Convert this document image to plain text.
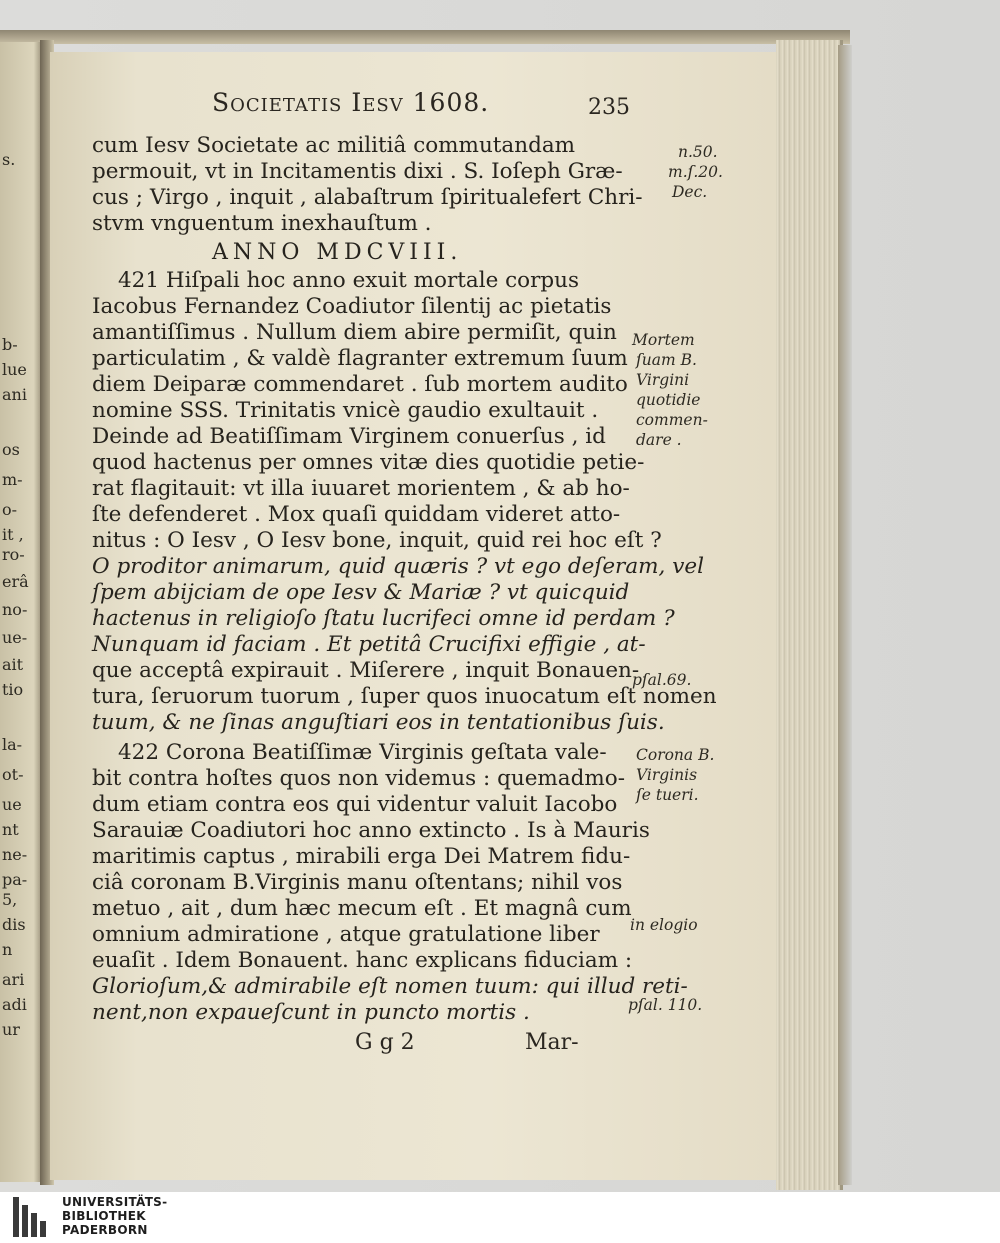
Societatis Iesv 1608.	235
cum Iesv Societate ac militiâ commutandam
permouit, vt in Incitamentis dixi . S. Ioſeph Græ-
cus ; Virgo , inquit , alabaſtrum ſpiritualefert Chri-
stvm vnguentum inexhauſtum .
ANNO MDCVIII.
421 Hiſpali hoc anno exuit mortale corpus
Iacobus Fernandez Coadiutor ſilentij ac pietatis
amantiſſimus . Nullum diem abire permiſit, quin
particulatim , & valdè flagranter extremum ſuum
diem Deiparæ commendaret . ſub mortem audito
nomine SSS. Trinitatis vnicè gaudio exultauit .
Deinde ad Beatiſſimam Virginem conuerſus , id
quod hactenus per omnes vitæ dies quotidie petie-
rat flagitauit: vt illa iuuaret morientem , & ab ho-
ſte defenderet . Mox quaſi quiddam videret atto-
nitus : O Iesv , O Iesv bone, inquit, quid rei hoc eſt ?
O proditor animarum, quid quæris ? vt ego deſeram, vel
ſpem abijciam de ope Iesv & Mariæ ? vt quicquid
hactenus in religioſo ſtatu lucrifeci omne id perdam ?
Nunquam id faciam . Et petitâ Crucifixi effigie , at-
que acceptâ expirauit . Miſerere , inquit Bonauen-
tura, ſeruorum tuorum , ſuper quos inuocatum eſt nomen
tuum, & ne ſinas anguſtiari eos in tentationibus ſuis.
422 Corona Beatiſſimæ Virginis geſtata vale-
bit contra hoſtes quos non videmus : quemadmo-
dum etiam contra eos qui videntur valuit Iacobo
Sarauiæ Coadiutori hoc anno extincto . Is à Mauris
maritimis captus , mirabili erga Dei Matrem fidu-
ciâ coronam B.Virginis manu oſtentans; nihil vos
metuo , ait , dum hæc mecum eſt . Et magnâ cum
omnium admiratione , atque gratulatione liber
euaſit . Idem Bonauent. hanc explicans fiduciam :
Glorioſum,& admirabile eſt nomen tuum: qui illud reti-
nent,non expaueſcunt in puncto mortis .
n.50.
m.ſ.20.
Dec.
Mortem
ſuam B.
Virgini
quotidie
commen-
dare .
pſal.69.
Corona B.
Virginis
ſe tueri.
in elogio
pſal. 110.
s.
b-
lue
ani
os
m-
o-
it ,
ro-
erâ
no-
ue-
ait
tio
la-
ot-
ue
nt
ne-
pa-
5,
dis
n
ari
adi
ur
G g 2	Mar-
UNIVERSITÄTS-
BIBLIOTHEK
PADERBORN
